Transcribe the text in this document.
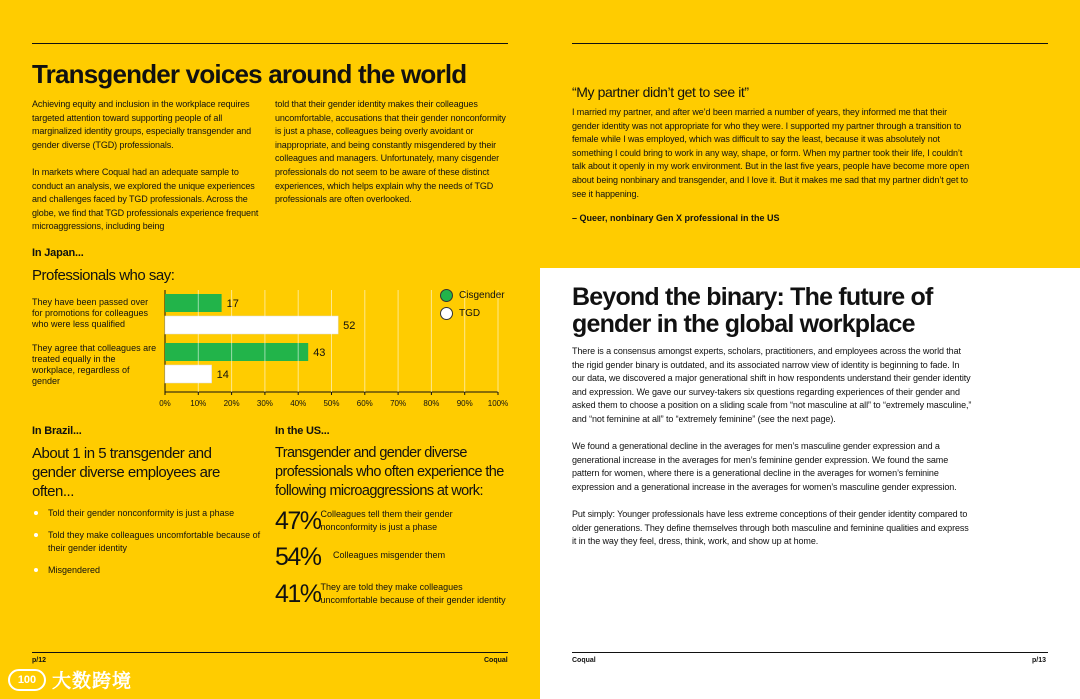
Transgender voices around the world

Achieving equity and inclusion in the workplace requires targeted attention toward supporting people of all marginalized identity groups, especially transgender and gender diverse (TGD) professionals.

In markets where Coqual had an adequate sample to conduct an analysis, we explored the unique experiences and challenges faced by TGD professionals. Across the globe, we find that TGD professionals experience frequent microaggressions, including being

told that their gender identity makes their colleagues uncomfortable, accusations that their gender nonconformity is just a phase, colleagues being overly avoidant or inappropriate, and being constantly misgendered by their colleagues and managers. Unfortunately, many cisgender professionals do not seem to be aware of these distinct experiences, which helps explain why the needs of TGD professionals are often overlooked.

In Japan...
Professionals who say:
They have been passed over for promotions for colleagues who were less qualified
They agree that colleagues are treated equally in the workplace, regardless of gender
17
52
43
14
0% 10% 20% 30% 40% 50% 60% 70% 80% 90% 100%
Cisgender
TGD
In Brazil...
About 1 in 5 transgender and gender diverse employees are often...
Told their gender nonconformity is just a phase
Told they make colleagues uncomfortable because of their gender identity
Misgendered
In the US...
Transgender and gender diverse professionals who often experience the following microaggressions at work:
47% Colleagues tell them their gender nonconformity is just a phase
54%	Colleagues misgender them
41% They are told they make colleagues uncomfortable because of their gender identity
p/12	Coqual
100 大数跨境
“My partner didn’t get to see it”
I married my partner, and after we’d been married a number of years, they informed me that their gender identity was not appropriate for who they were. I supported my partner through a transition to female while I was employed, which was difficult to say the least, because it was absolutely not something I could bring to work in any way, shape, or form. When my partner took their life, I couldn’t talk about it openly in my work environment. But in the last five years, people have become more open about being nonbinary and transgender, and I love it. But it makes me sad that my partner didn’t get to see it happening.
– Queer, nonbinary Gen X professional in the US
Beyond the binary: The future of gender in the global workplace

There is a consensus amongst experts, scholars, practitioners, and employees across the world that the rigid gender binary is outdated, and its associated narrow view of identity is beginning to fade. In our data, we discovered a major generational shift in how respondents understand their gender identity and expression. We gave our survey-takers six questions regarding experiences of their gender and asked them to choose a position on a sliding scale from “not masculine at all” to “extremely masculine,” and “not feminine at all” to “extremely feminine” (see the next page).

We found a generational decline in the averages for men’s masculine gender expression and a generational increase in the averages for men’s feminine gender expression. We found the same pattern for women, where there is a generational decline in the averages for women’s feminine expression and a generational increase in the averages for women’s masculine gender expression.

Put simply: Younger professionals have less extreme conceptions of their gender identity compared to older generations. They define themselves through both masculine and feminine qualities and express it in the way they feel, dress, think, work, and show up at home.

Coqual	p/13
